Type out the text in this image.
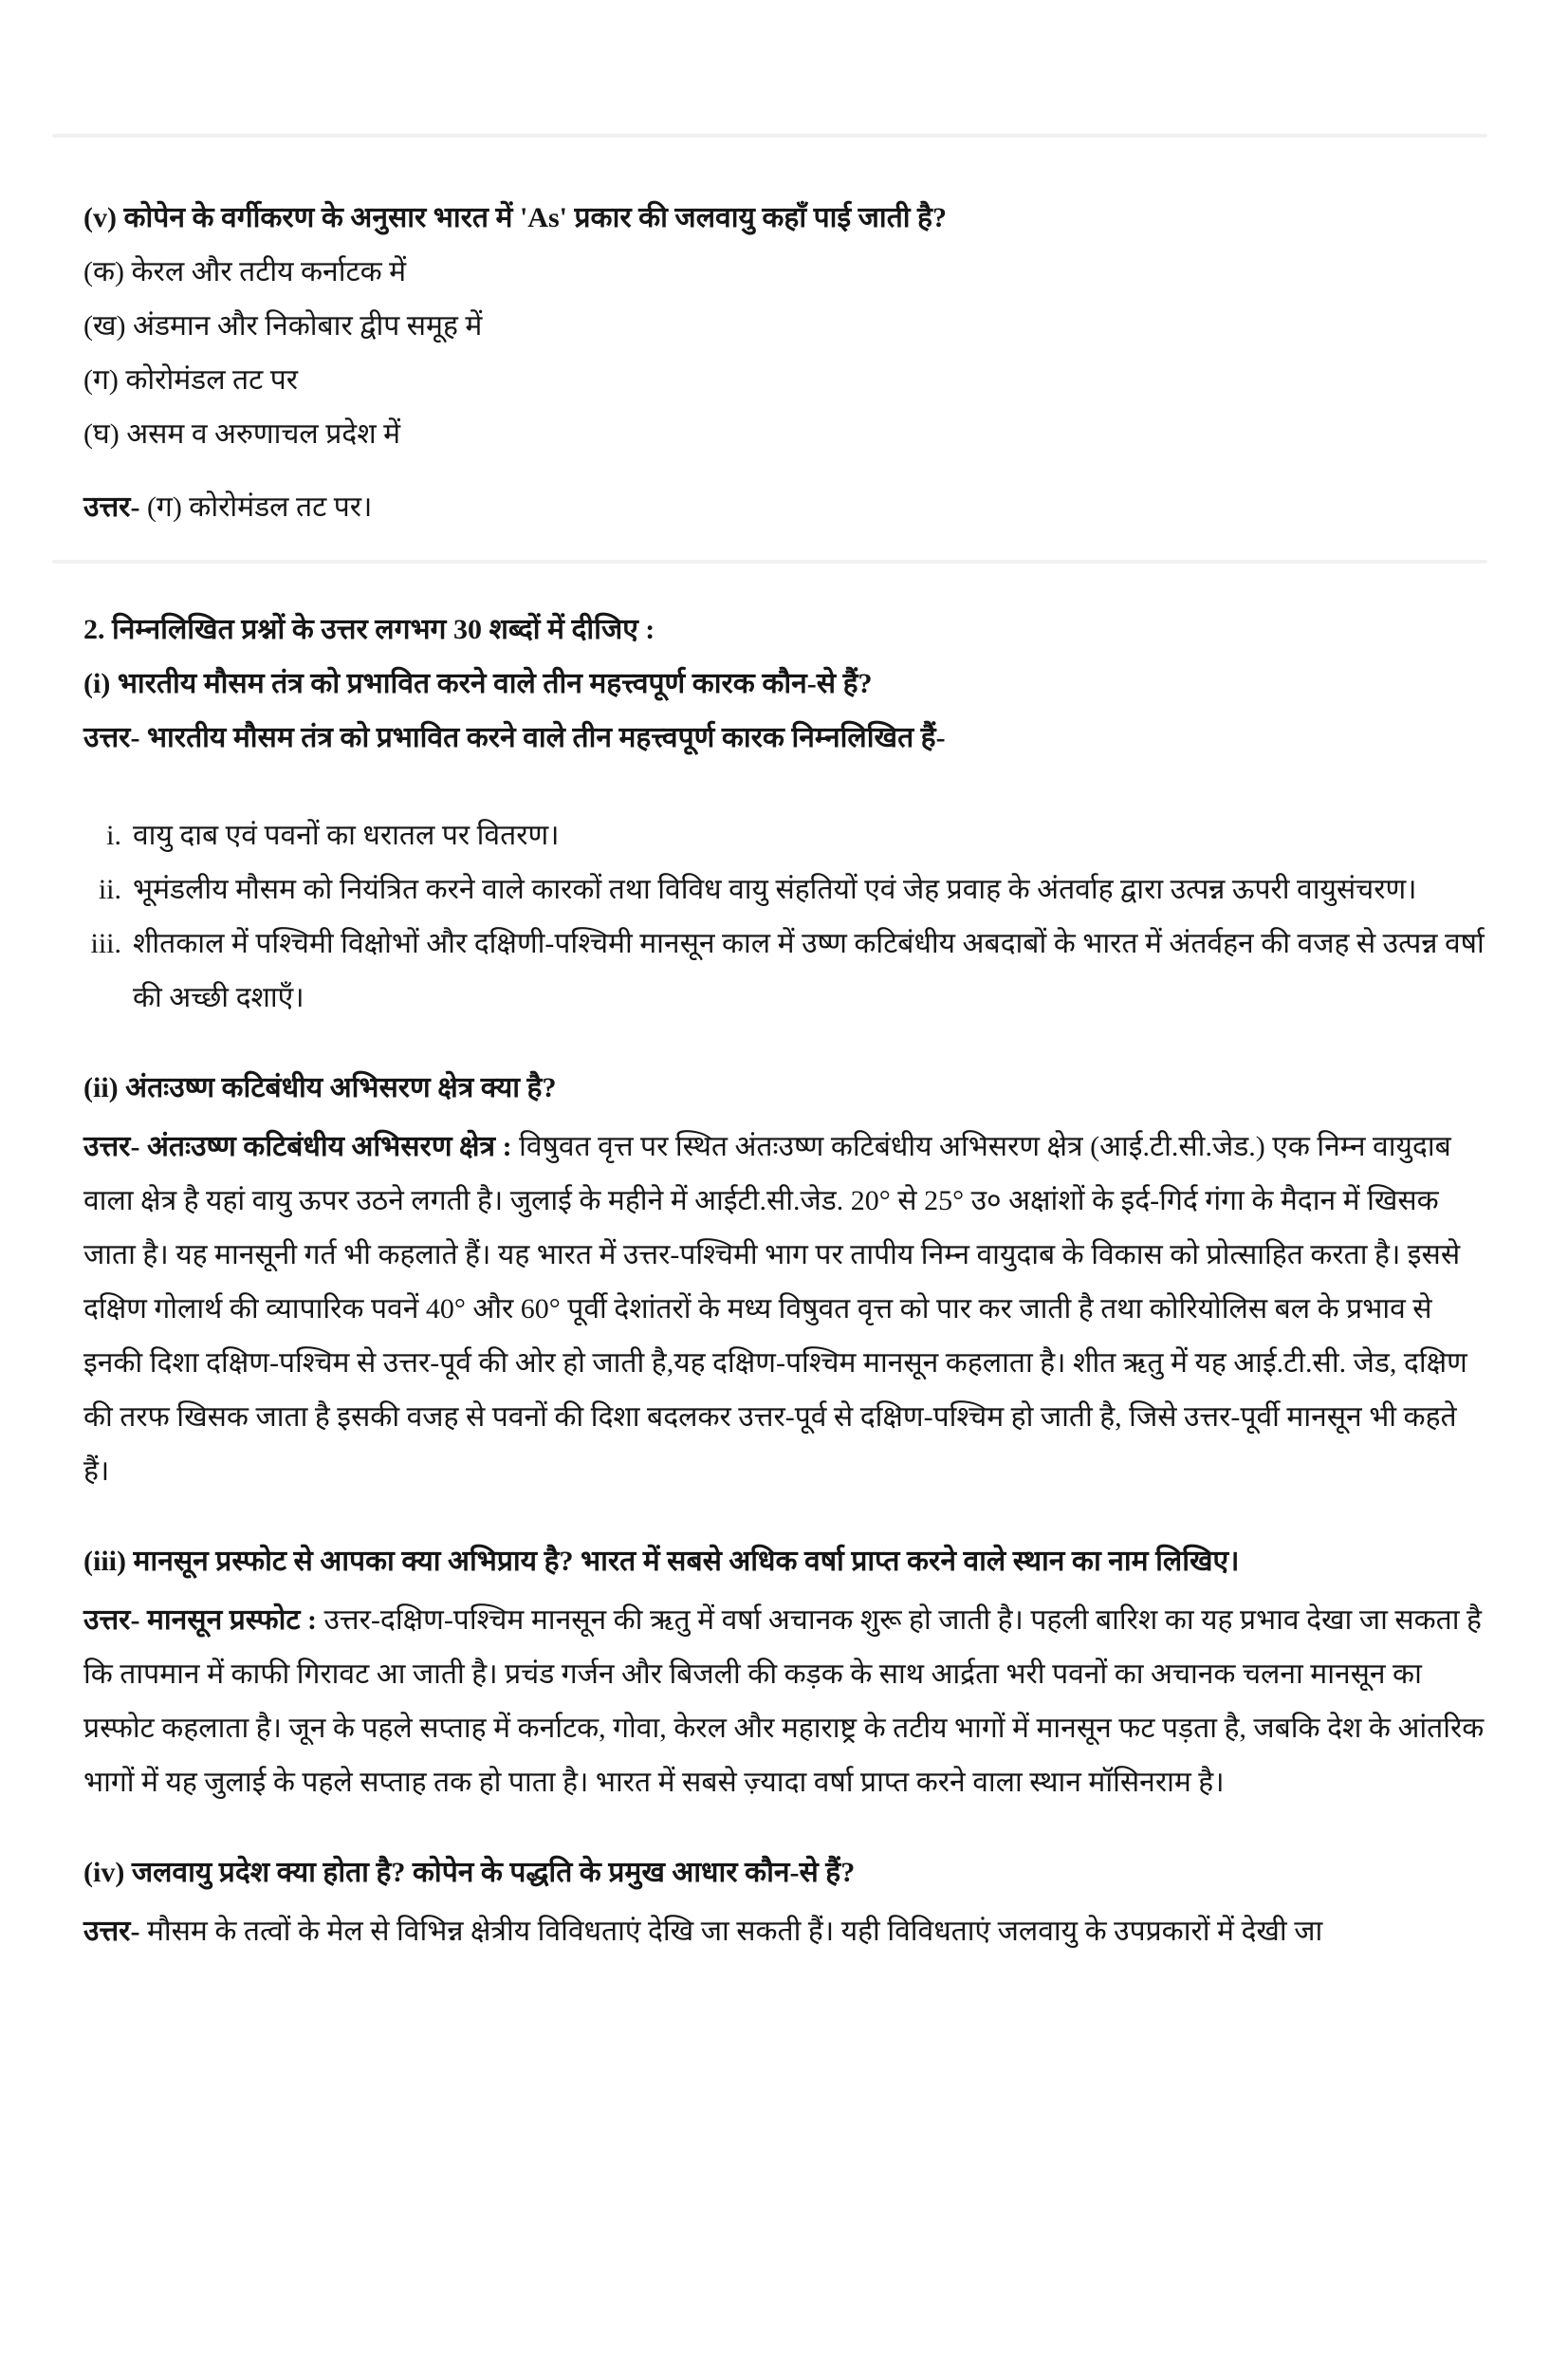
(v) कोपेन के वर्गीकरण के अनुसार भारत में 'As' प्रकार की जलवायु कहाँ पाई जाती है?

(क) केरल और तटीय कर्नाटक में

(ख) अंडमान और निकोबार द्वीप समूह में

(ग) कोरोमंडल तट पर

(घ) असम व अरुणाचल प्रदेश में

उत्तर- (ग) कोरोमंडल तट पर।

2. निम्नलिखित प्रश्नों के उत्तर लगभग 30 शब्दों में दीजिए :

(i) भारतीय मौसम तंत्र को प्रभावित करने वाले तीन महत्त्वपूर्ण कारक कौन-से हैं?

उत्तर- भारतीय मौसम तंत्र को प्रभावित करने वाले तीन महत्त्वपूर्ण कारक निम्नलिखित हैं-

i. वायु दाब एवं पवनों का धरातल पर वितरण।
ii. भूमंडलीय मौसम को नियंत्रित करने वाले कारकों तथा विविध वायु संहतियों एवं जेह प्रवाह के अंतर्वाह द्वारा उत्पन्न ऊपरी वायुसंचरण।
iii. शीतकाल में पश्चिमी विक्षोभों और दक्षिणी-पश्चिमी मानसून काल में उष्ण कटिबंधीय अबदाबों के भारत में अंतर्वहन की वजह से उत्पन्न वर्षा की अच्छी दशाएँ।

(ii) अंतःउष्ण कटिबंधीय अभिसरण क्षेत्र क्या है?

उत्तर- अंतःउष्ण कटिबंधीय अभिसरण क्षेत्र : विषुवत वृत्त पर स्थित अंतःउष्ण कटिबंधीय अभिसरण क्षेत्र (आई.टी.सी.जेड.) एक निम्न वायुदाब वाला क्षेत्र है यहां वायु ऊपर उठने लगती है। जुलाई के महीने में आईटी.सी.जेड. 20° से 25° उ० अक्षांशों के इर्द-गिर्द गंगा के मैदान में खिसक जाता है। यह मानसूनी गर्त भी कहलाते हैं। यह भारत में उत्तर-पश्चिमी भाग पर तापीय निम्न वायुदाब के विकास को प्रोत्साहित करता है। इससे दक्षिण गोलार्थ की व्यापारिक पवनें 40° और 60° पूर्वी देशांतरों के मध्य विषुवत वृत्त को पार कर जाती है तथा कोरियोलिस बल के प्रभाव से इनकी दिशा दक्षिण-पश्चिम से उत्तर-पूर्व की ओर हो जाती है,यह दक्षिण-पश्चिम मानसून कहलाता है। शीत ऋतु में यह आई.टी.सी. जेड, दक्षिण की तरफ खिसक जाता है इसकी वजह से पवनों की दिशा बदलकर उत्तर-पूर्व से दक्षिण-पश्चिम हो जाती है, जिसे उत्तर-पूर्वी मानसून भी कहते हैं।

(iii) मानसून प्रस्फोट से आपका क्या अभिप्राय है? भारत में सबसे अधिक वर्षा प्राप्त करने वाले स्थान का नाम लिखिए।

उत्तर- मानसून प्रस्फोट : उत्तर-दक्षिण-पश्चिम मानसून की ऋतु में वर्षा अचानक शुरू हो जाती है। पहली बारिश का यह प्रभाव देखा जा सकता है कि तापमान में काफी गिरावट आ जाती है। प्रचंड गर्जन और बिजली की कड़क के साथ आर्द्रता भरी पवनों का अचानक चलना मानसून का प्रस्फोट कहलाता है। जून के पहले सप्ताह में कर्नाटक, गोवा, केरल और महाराष्ट्र के तटीय भागों में मानसून फट पड़ता है, जबकि देश के आंतरिक भागों में यह जुलाई के पहले सप्ताह तक हो पाता है। भारत में सबसे ज़्यादा वर्षा प्राप्त करने वाला स्थान मॉसिनराम है।

(iv) जलवायु प्रदेश क्या होता है? कोपेन के पद्धति के प्रमुख आधार कौन-से हैं?

उत्तर- मौसम के तत्वों के मेल से विभिन्न क्षेत्रीय विविधताएं देखि जा सकती हैं। यही विविधताएं जलवायु के उपप्रकारों में देखी जा
